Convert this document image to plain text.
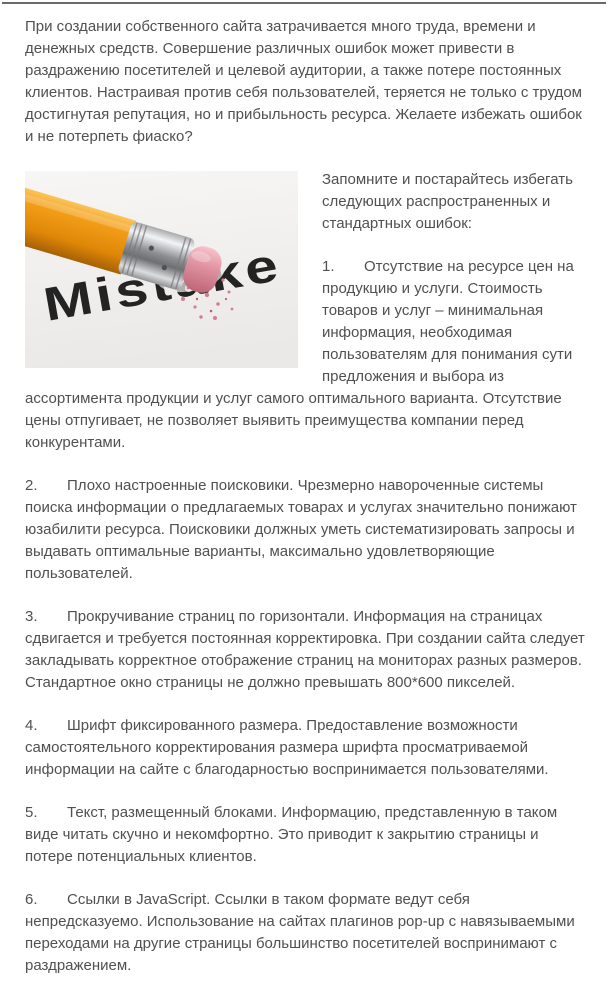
При создании собственного сайта затрачивается много труда, времени и денежных средств. Совершение различных ошибок может привести в раздражению посетителей и целевой аудитории, а также потере постоянных клиентов. Настраивая против себя пользователей, теряется не только с трудом достигнутая репутация, но и прибыльность ресурса. Желаете избежать ошибок и не потерпеть фиаско?

Mistake

Запомните и постарайтесь избегать следующих распространенных и стандартных ошибок:

1. Отсутствие на ресурсе цен на продукцию и услуги. Стоимость товаров и услуг – минимальная информация, необходимая пользователям для понимания сути предложения и выбора из ассортимента продукции и услуг самого оптимального варианта. Отсутствие цены отпугивает, не позволяет выявить преимущества компании перед конкурентами.

2. Плохо настроенные поисковики. Чрезмерно навороченные системы поиска информации о предлагаемых товарах и услугах значительно понижают юзабилити ресурса. Поисковики должных уметь систематизировать запросы и выдавать оптимальные варианты, максимально удовлетворяющие пользователей.

3. Прокручивание страниц по горизонтали. Информация на страницах сдвигается и требуется постоянная корректировка. При создании сайта следует закладывать корректное отображение страниц на мониторах разных размеров. Стандартное окно страницы не должно превышать 800*600 пикселей.

4. Шрифт фиксированного размера. Предоставление возможности самостоятельного корректирования размера шрифта просматриваемой информации на сайте с благодарностью воспринимается пользователями.

5. Текст, размещенный блоками. Информацию, представленную в таком виде читать скучно и некомфортно. Это приводит к закрытию страницы и потере потенциальных клиентов.

6. Ссылки в JavaScript. Ссылки в таком формате ведут себя непредсказуемо. Использование на сайтах плагинов pop-up с навязываемыми переходами на другие страницы большинство посетителей воспринимают с раздражением.
